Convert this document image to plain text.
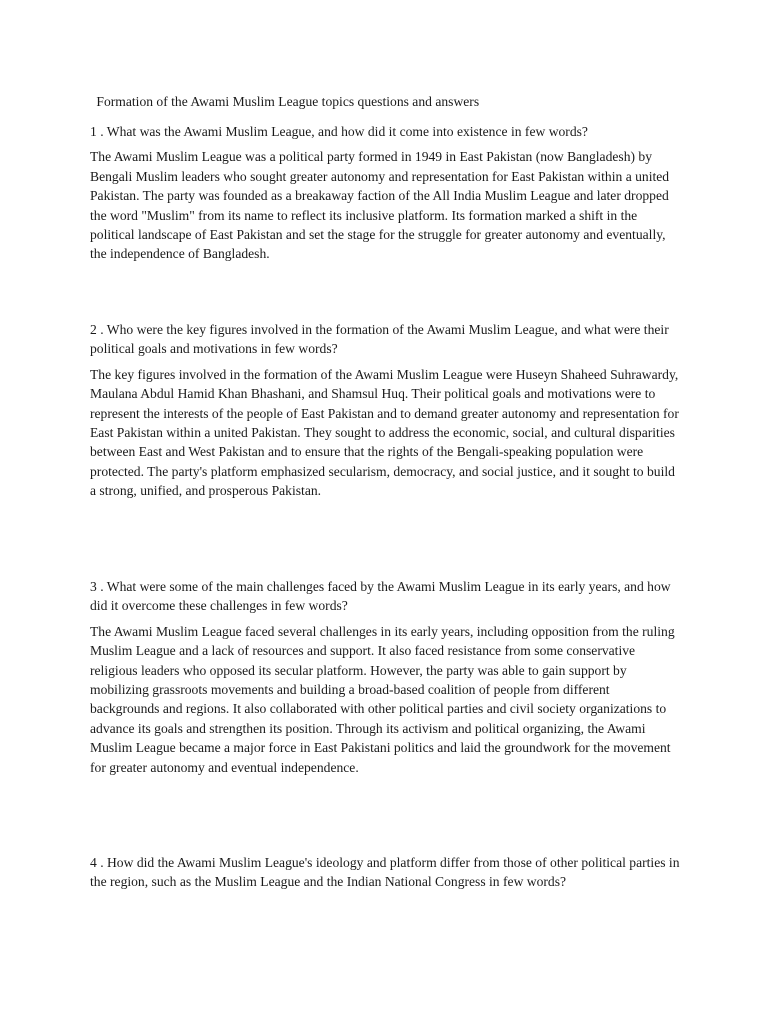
Formation of the Awami Muslim League topics questions and answers

1 . What was the Awami Muslim League, and how did it come into existence in few words?

The Awami Muslim League was a political party formed in 1949 in East Pakistan (now Bangladesh) by Bengali Muslim leaders who sought greater autonomy and representation for East Pakistan within a united Pakistan. The party was founded as a breakaway faction of the All India Muslim League and later dropped the word "Muslim" from its name to reflect its inclusive platform. Its formation marked a shift in the political landscape of East Pakistan and set the stage for the struggle for greater autonomy and eventually, the independence of Bangladesh.

2 . Who were the key figures involved in the formation of the Awami Muslim League, and what were their political goals and motivations in few words?

The key figures involved in the formation of the Awami Muslim League were Huseyn Shaheed Suhrawardy, Maulana Abdul Hamid Khan Bhashani, and Shamsul Huq. Their political goals and motivations were to represent the interests of the people of East Pakistan and to demand greater autonomy and representation for East Pakistan within a united Pakistan. They sought to address the economic, social, and cultural disparities between East and West Pakistan and to ensure that the rights of the Bengali-speaking population were protected. The party's platform emphasized secularism, democracy, and social justice, and it sought to build a strong, unified, and prosperous Pakistan.

3 . What were some of the main challenges faced by the Awami Muslim League in its early years, and how did it overcome these challenges in few words?

The Awami Muslim League faced several challenges in its early years, including opposition from the ruling Muslim League and a lack of resources and support. It also faced resistance from some conservative religious leaders who opposed its secular platform. However, the party was able to gain support by mobilizing grassroots movements and building a broad-based coalition of people from different backgrounds and regions. It also collaborated with other political parties and civil society organizations to advance its goals and strengthen its position. Through its activism and political organizing, the Awami Muslim League became a major force in East Pakistani politics and laid the groundwork for the movement for greater autonomy and eventual independence.

4 . How did the Awami Muslim League's ideology and platform differ from those of other political parties in the region, such as the Muslim League and the Indian National Congress in few words?
